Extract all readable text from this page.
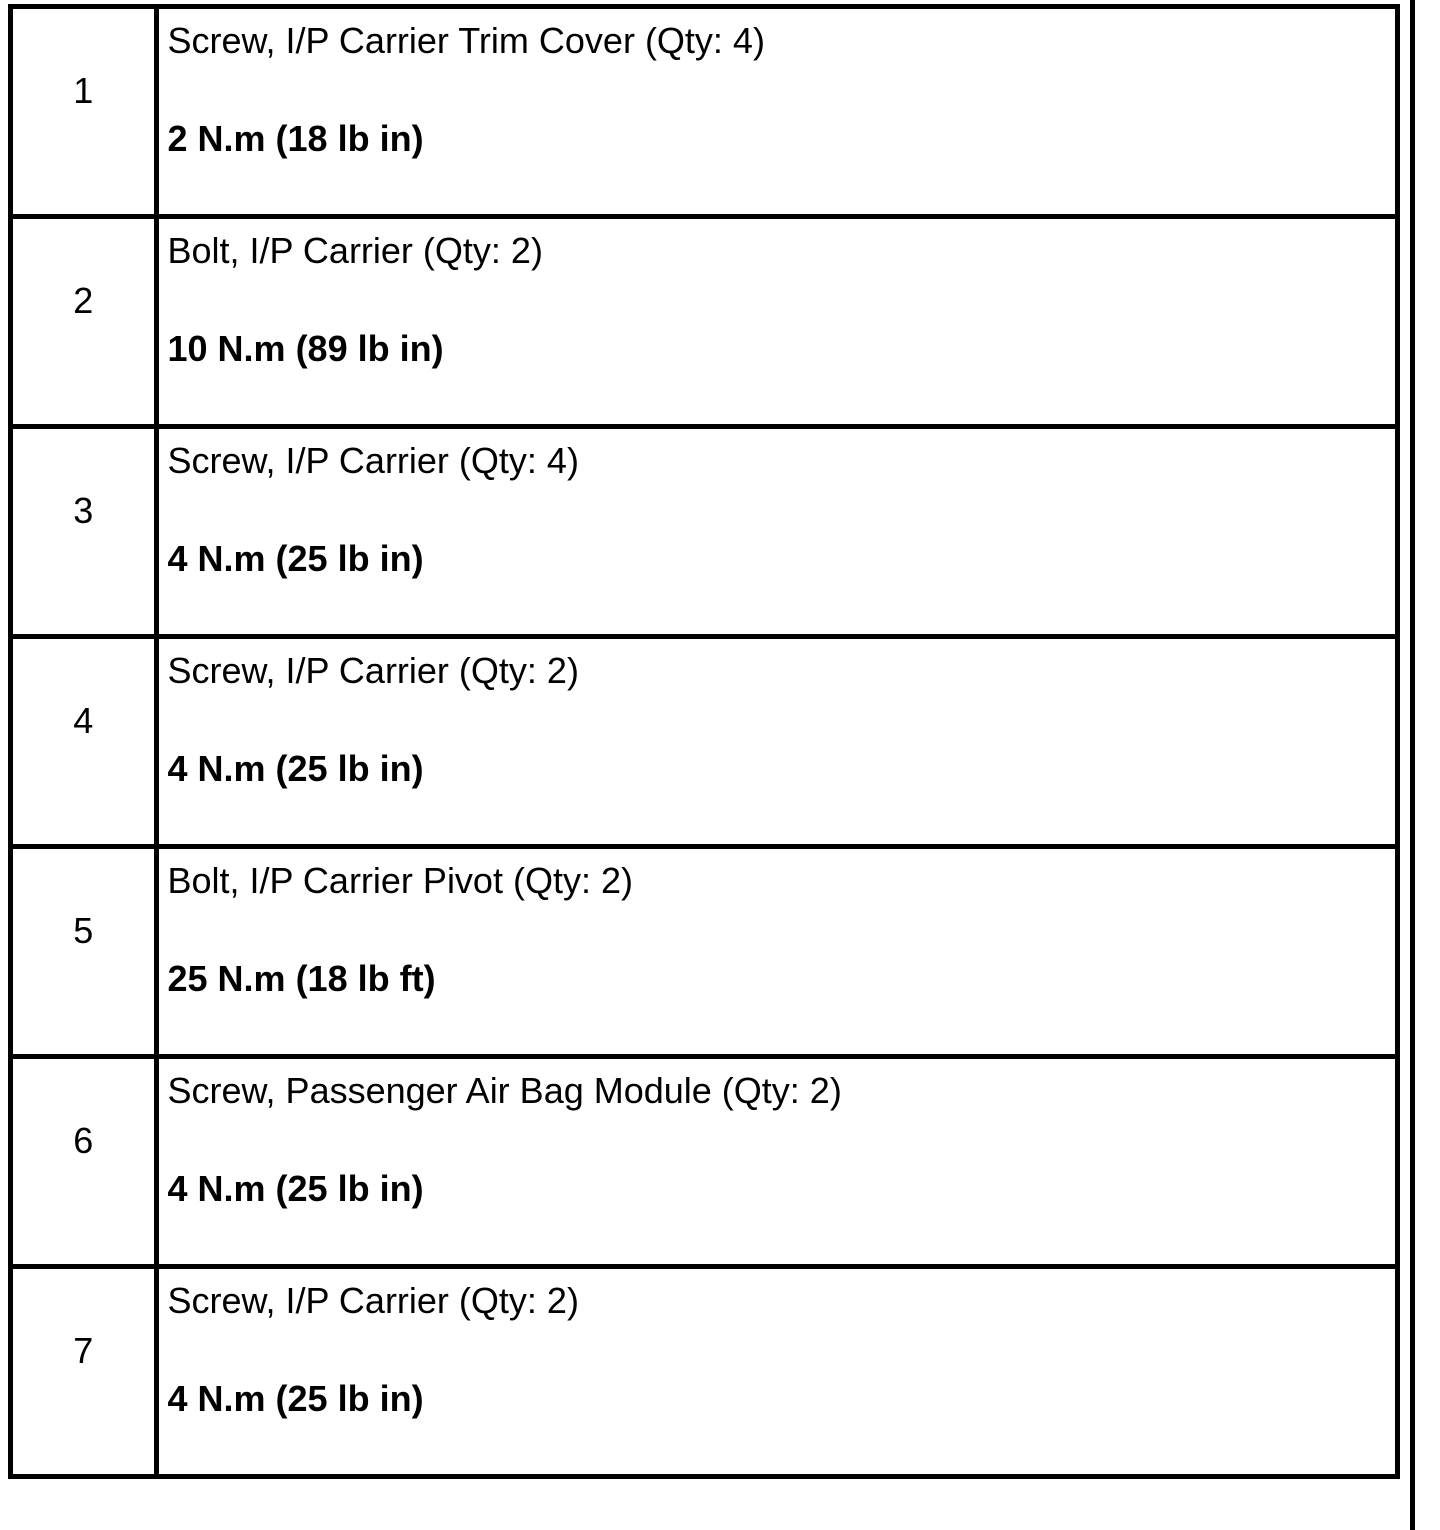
1	Screw, I/P Carrier Trim Cover (Qty: 4)
2 N.m (18 lb in)

2	Bolt, I/P Carrier (Qty: 2)
10 N.m (89 lb in)

3	Screw, I/P Carrier (Qty: 4)
4 N.m (25 lb in)

4	Screw, I/P Carrier (Qty: 2)
4 N.m (25 lb in)

5	Bolt, I/P Carrier Pivot (Qty: 2)
25 N.m (18 lb ft)

6	Screw, Passenger Air Bag Module (Qty: 2)
4 N.m (25 lb in)

7	Screw, I/P Carrier (Qty: 2)
4 N.m (25 lb in)
